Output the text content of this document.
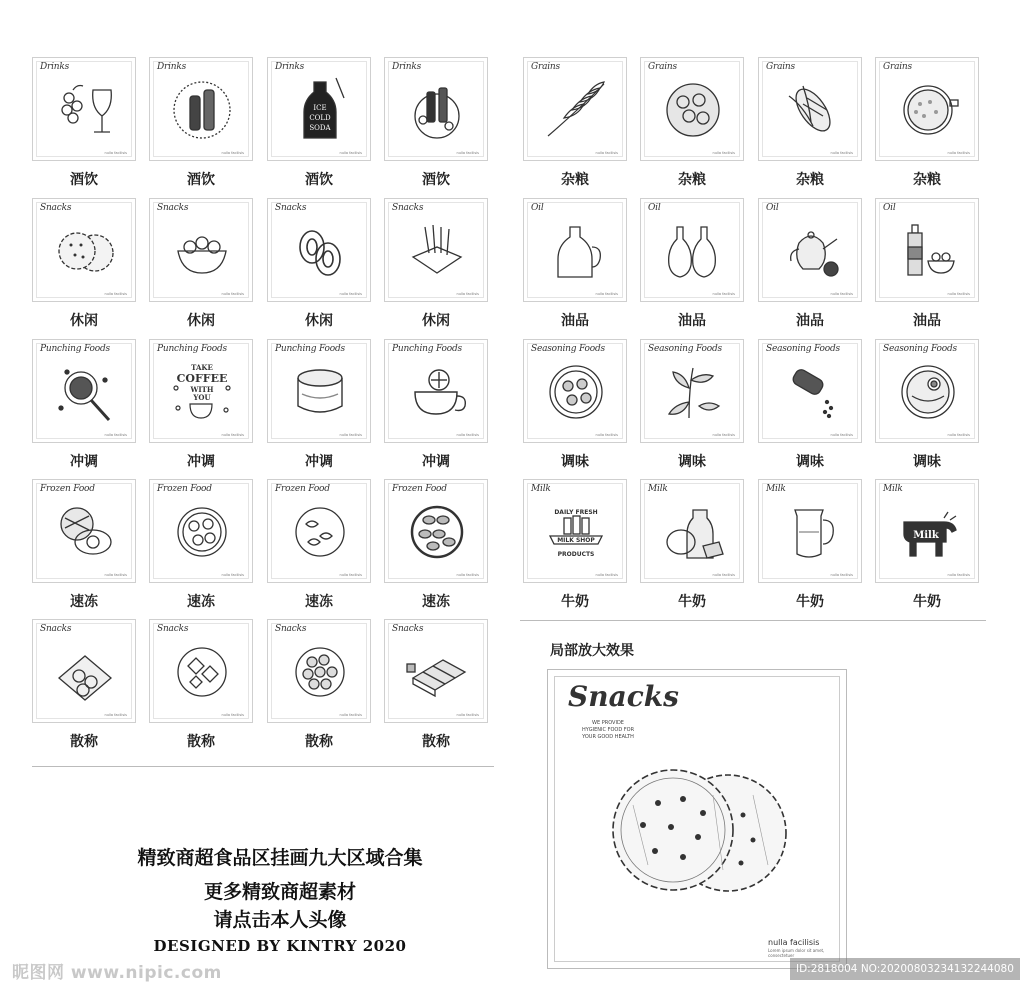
Drinks
nulla facilisis
酒饮
Drinks
nulla facilisis
酒饮
Drinks
ICE
COLD
SODA
nulla facilisis
酒饮
Drinks
nulla facilisis
酒饮
Snacks
nulla facilisis
休闲
Snacks
nulla facilisis
休闲
Snacks
nulla facilisis
休闲
Snacks
nulla facilisis
休闲
Punching Foods
nulla facilisis
冲调
Punching Foods
TAKE
COFFEE
WITH
YOU
nulla facilisis
冲调
Punching Foods
nulla facilisis
冲调
Punching Foods
nulla facilisis
冲调
Frozen Food
nulla facilisis
速冻
Frozen Food
nulla facilisis
速冻
Frozen Food
nulla facilisis
速冻
Frozen Food
nulla facilisis
速冻
Snacks
nulla facilisis
散称
Snacks
nulla facilisis
散称
Snacks
nulla facilisis
散称
Snacks
nulla facilisis
散称
Grains
nulla facilisis
杂粮
Grains
nulla facilisis
杂粮
Grains
nulla facilisis
杂粮
Grains
nulla facilisis
杂粮
Oil
nulla facilisis
油品
Oil
nulla facilisis
油品
Oil
nulla facilisis
油品
Oil
nulla facilisis
油品
Seasoning Foods
nulla facilisis
调味
Seasoning Foods
nulla facilisis
调味
Seasoning Foods
nulla facilisis
调味
Seasoning Foods
nulla facilisis
调味
Milk
DAILY FRESH
MILK SHOP
PRODUCTS
nulla facilisis
牛奶
Milk
nulla facilisis
牛奶
Milk
nulla facilisis
牛奶
Milk
Milk
nulla facilisis
牛奶
局部放大效果
Snacks
WE PROVIDE
HYGIENIC FOOD FOR
YOUR GOOD HEALTH
nulla facilisis
Lorem ipsum dolor sit amet, consectetuer
精致商超食品区挂画九大区域合集
更多精致商超素材
请点击本人头像
DESIGNED BY KINTRY 2020
昵图网 www.nipic.com	ID:2818004 NO:20200803234132244080
